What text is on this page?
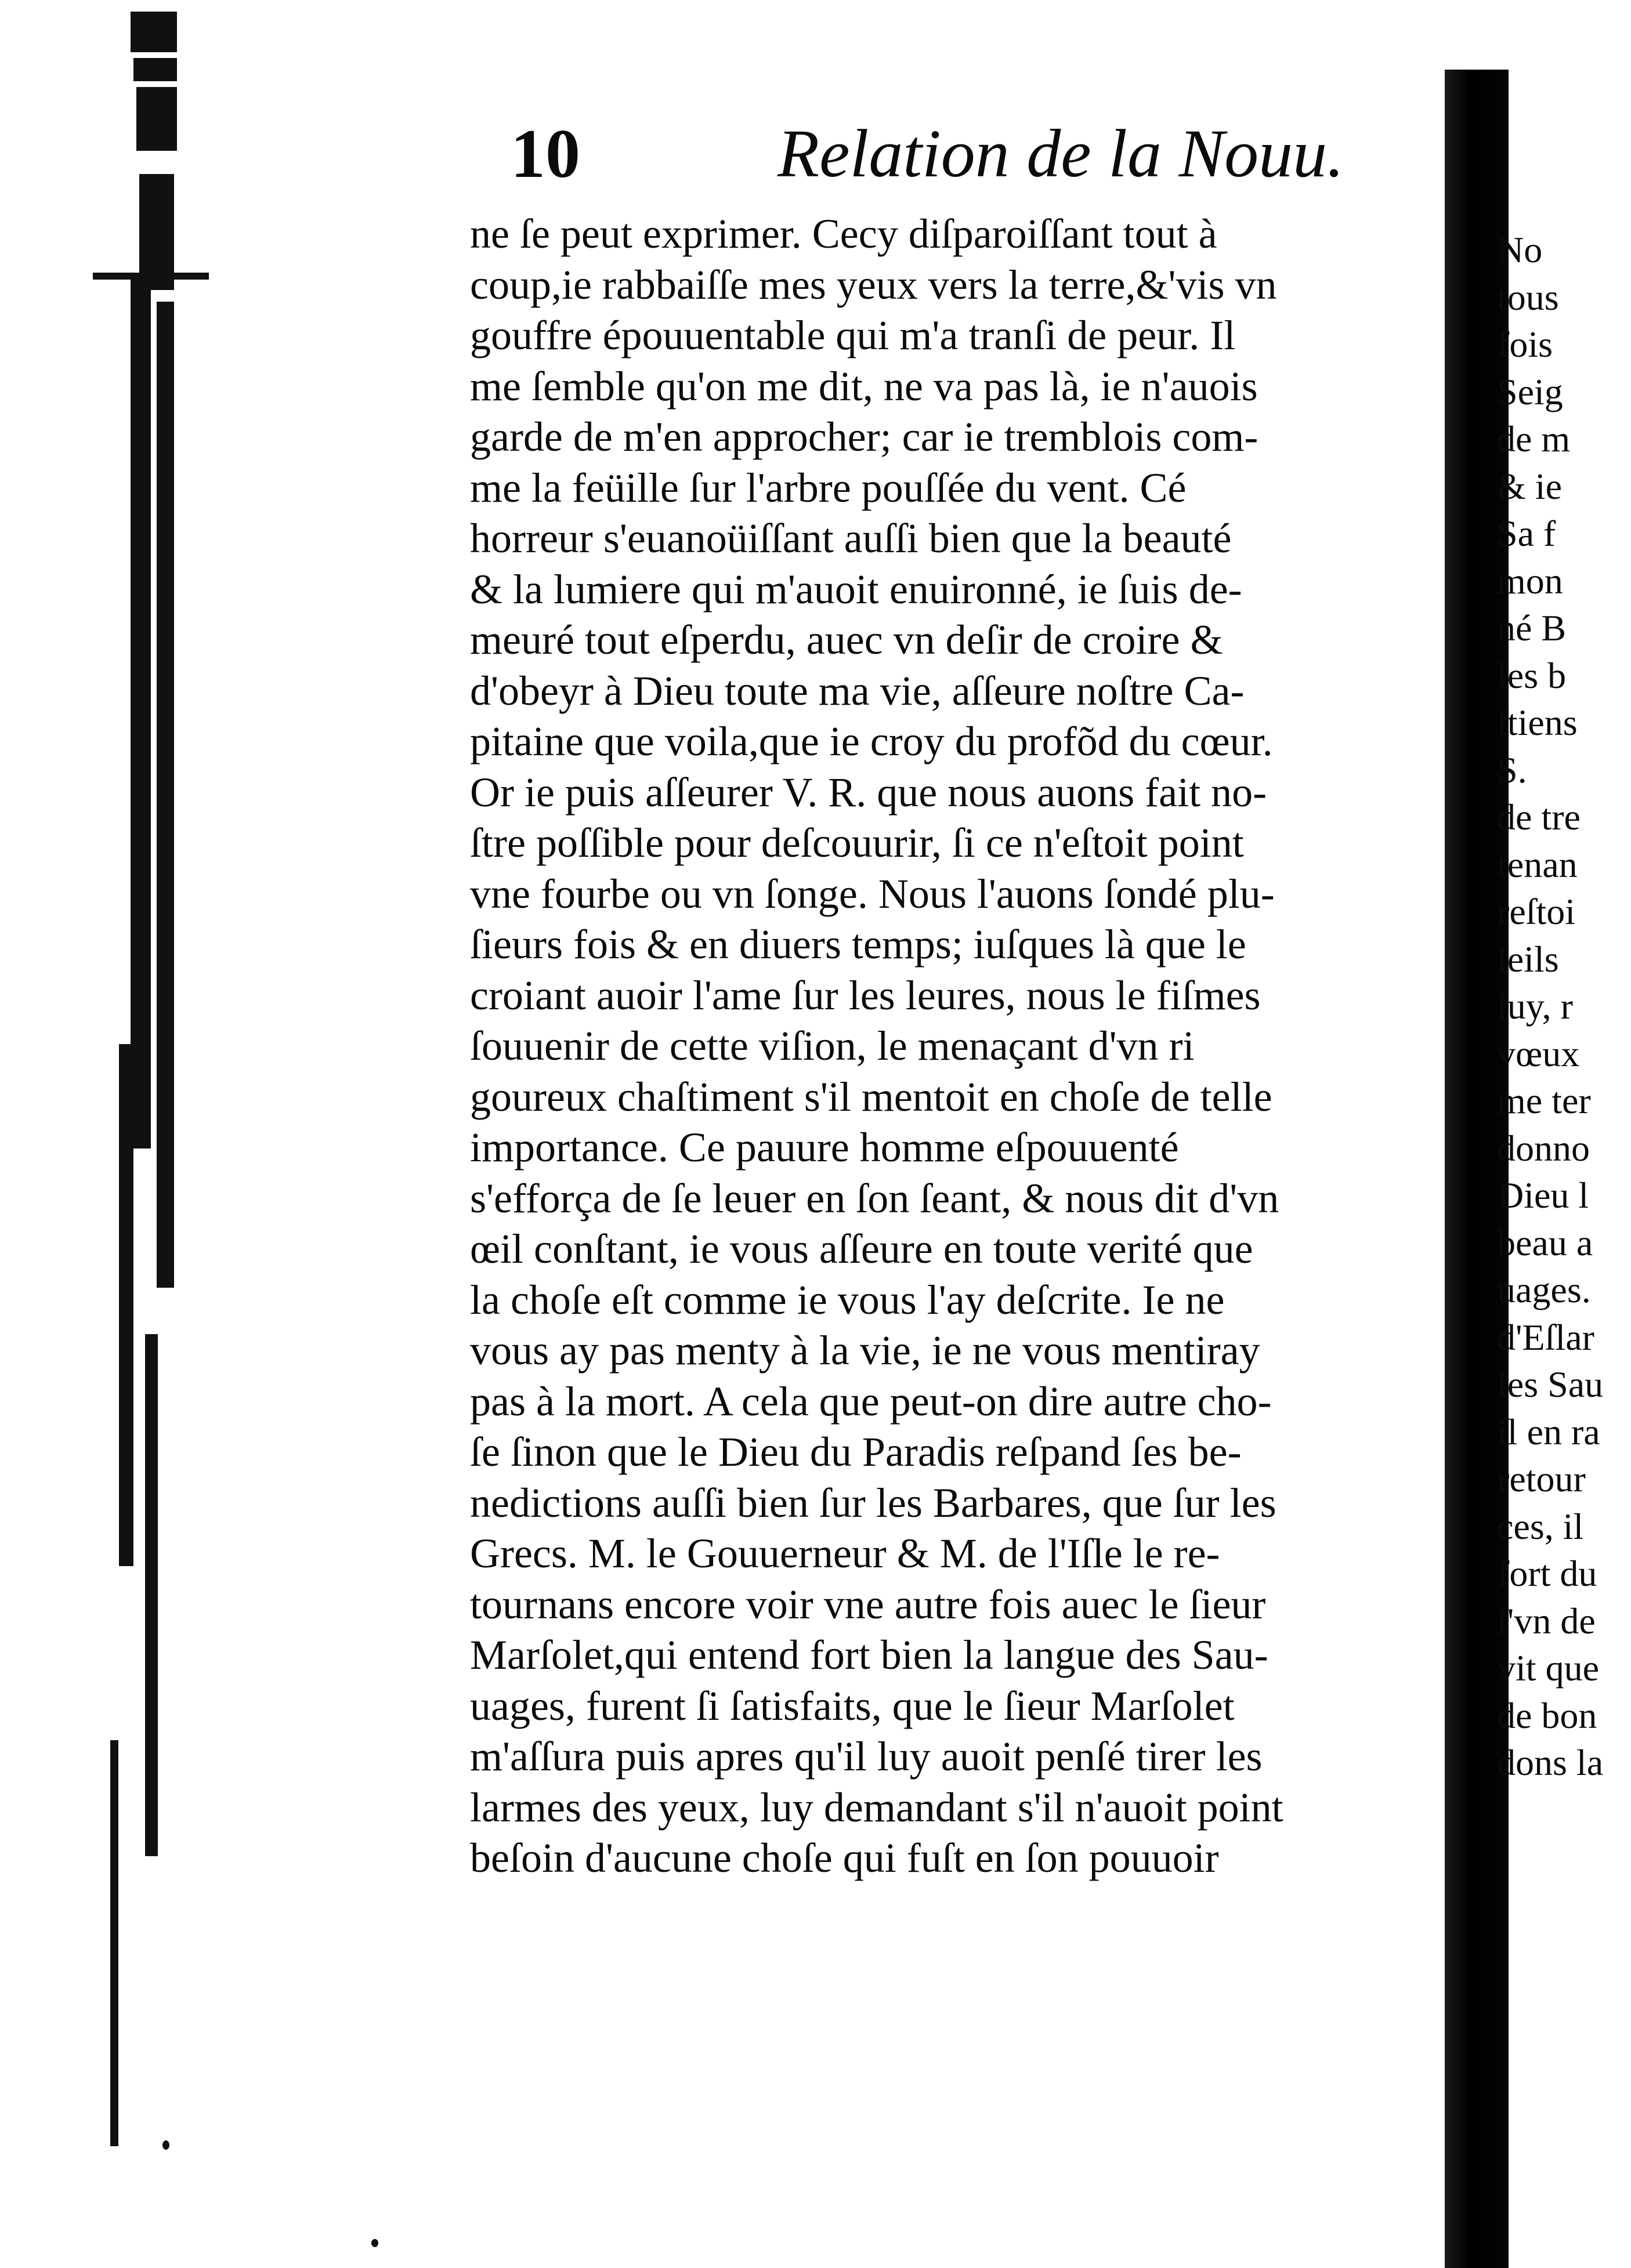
10	Relation de la Nouu.
ne ſe peut exprimer. Cecy diſparoiſſant tout à
coup,ie rabbaiſſe mes yeux vers la terre,&'vis vn
gouffre épouuentable qui m'a tranſi de peur. Il
me ſemble qu'on me dit, ne va pas là, ie n'auois
garde de m'en approcher; car ie tremblois com-
me la feüille ſur l'arbre pouſſée du vent. Cé
horreur s'euanoüiſſant auſſi bien que la beauté
& la lumiere qui m'auoit enuironné, ie ſuis de-
meuré tout eſperdu, auec vn deſir de croire &
d'obeyr à Dieu toute ma vie, aſſeure noſtre Ca-
pitaine que voila,que ie croy du profõd du cœur.
Or ie puis aſſeurer V. R. que nous auons fait no-
ſtre poſſible pour deſcouurir, ſi ce n'eſtoit point
vne fourbe ou vn ſonge. Nous l'auons ſondé plu-
ſieurs fois & en diuers temps; iuſques là que le
croiant auoir l'ame ſur les leures, nous le fiſmes
ſouuenir de cette viſion, le menaçant d'vn ri
goureux chaſtiment s'il mentoit en choſe de telle
importance. Ce pauure homme eſpouuenté
s'efforça de ſe leuer en ſon ſeant, & nous dit d'vn
œil conſtant, ie vous aſſeure en toute verité que
la choſe eſt comme ie vous l'ay deſcrite. Ie ne
vous ay pas menty à la vie, ie ne vous mentiray
pas à la mort. A cela que peut-on dire autre cho-
ſe ſinon que le Dieu du Paradis reſpand ſes be-
nedictions auſſi bien ſur les Barbares, que ſur les
Grecs. M. le Gouuerneur & M. de l'Iſle le re-
tournans encore voir vne autre fois auec le ſieur
Marſolet,qui entend fort bien la langue des Sau-
uages, furent ſi ſatisfaits, que le ſieur Marſolet
m'aſſura puis apres qu'il luy auoit penſé tirer les
larmes des yeux, luy demandant s'il n'auoit point
beſoin d'aucune choſe qui fuſt en ſon pouuoir
No
tous
fois
Seig
de m
& ie
Sa f
mon
né B
les b
ſtiens
S.
de tre
tenan
reſtoi
ſeils
luy, r
vœux
me ter
donno
Dieu l
beau a
uages.
d'Eſlar
les Sau
il en ra
retour
ces, il
fort du
l'vn de
vit que
de bon
dons la
